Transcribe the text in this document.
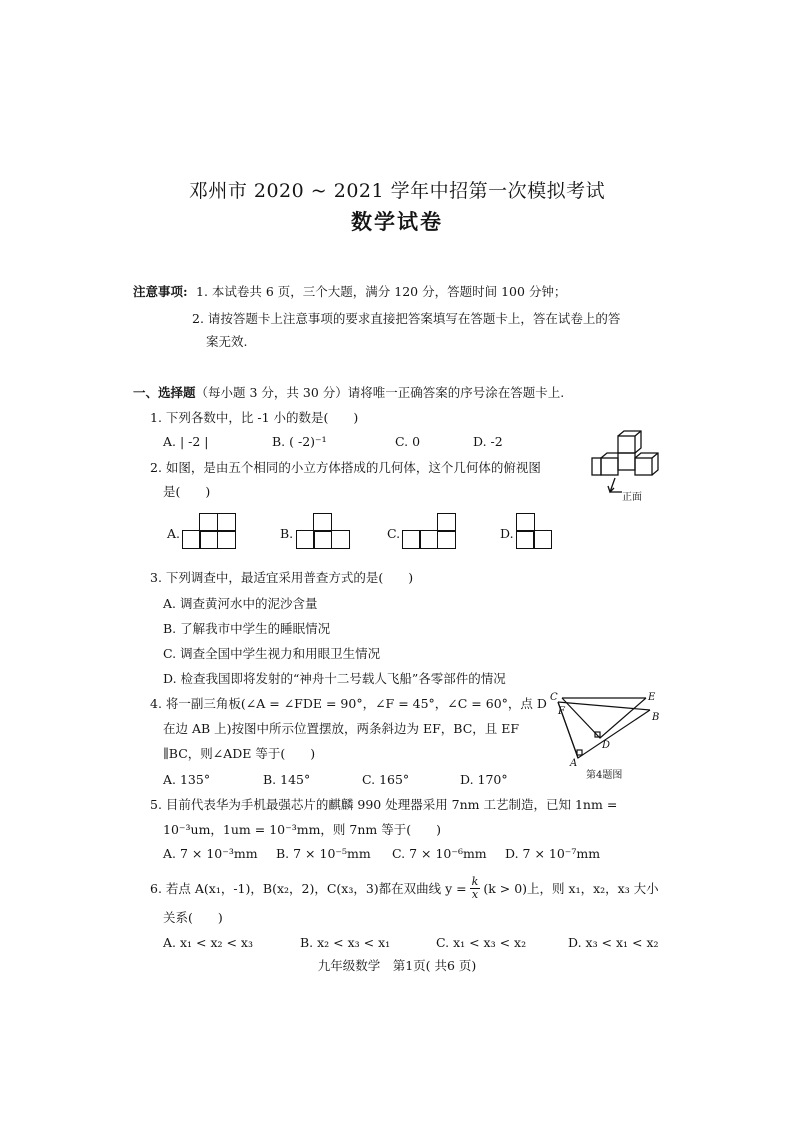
邓州市 2020 ~ 2021 学年中招第一次模拟考试
数学试卷
注意事项: 1. 本试卷共 6 页，三个大题，满分 120 分，答题时间 100 分钟；
2. 请按答题卡上注意事项的要求直接把答案填写在答题卡上，答在试卷上的答
案无效.
一、选择题（每小题 3 分，共 30 分）请将唯一正确答案的序号涂在答题卡上.
1. 下列各数中，比 -1 小的数是(　　)
A. | -2 |	B. ( -2)⁻¹	C. 0	D. -2
2. 如图，是由五个相同的小立方体搭成的几何体，这个几何体的俯视图
是(　　)	正面
A.	B.	C.	D.
3. 下列调查中，最适宜采用普查方式的是(　　)
A. 调查黄河水中的泥沙含量
B. 了解我市中学生的睡眠情况
C. 调查全国中学生视力和用眼卫生情况
D. 检查我国即将发射的“神舟十二号载人飞船”各零部件的情况
4. 将一副三角板(∠A = ∠FDE = 90°，∠F = 45°，∠C = 60°，点 D
在边 AB 上)按图中所示位置摆放，两条斜边为 EF，BC，且 EF
∥BC，则∠ADE 等于(　　)
A. 135°	B. 145°	C. 165°	D. 170°
C
F
E
B
D
A
第4题图
5. 目前代表华为手机最强芯片的麒麟 990 处理器采用 7nm 工艺制造，已知 1nm =
10⁻³um，1um = 10⁻³mm，则 7nm 等于(　　)
A. 7 × 10⁻³mm B. 7 × 10⁻⁵mm C. 7 × 10⁻⁶mm D. 7 × 10⁻⁷mm
6. 若点 A(x₁，-1)，B(x₂，2)，C(x₃，3)都在双曲线 $y = \frac{k}{x} (k > 0)$上，则 x₁，x₂，x₃ 大小
关系(　　)
A. x₁ < x₂ < x₃	B. x₂ < x₃ < x₁	C. x₁ < x₃ < x₂	D. x₃ < x₁ < x₂
九年级数学　第1页( 共6 页)
